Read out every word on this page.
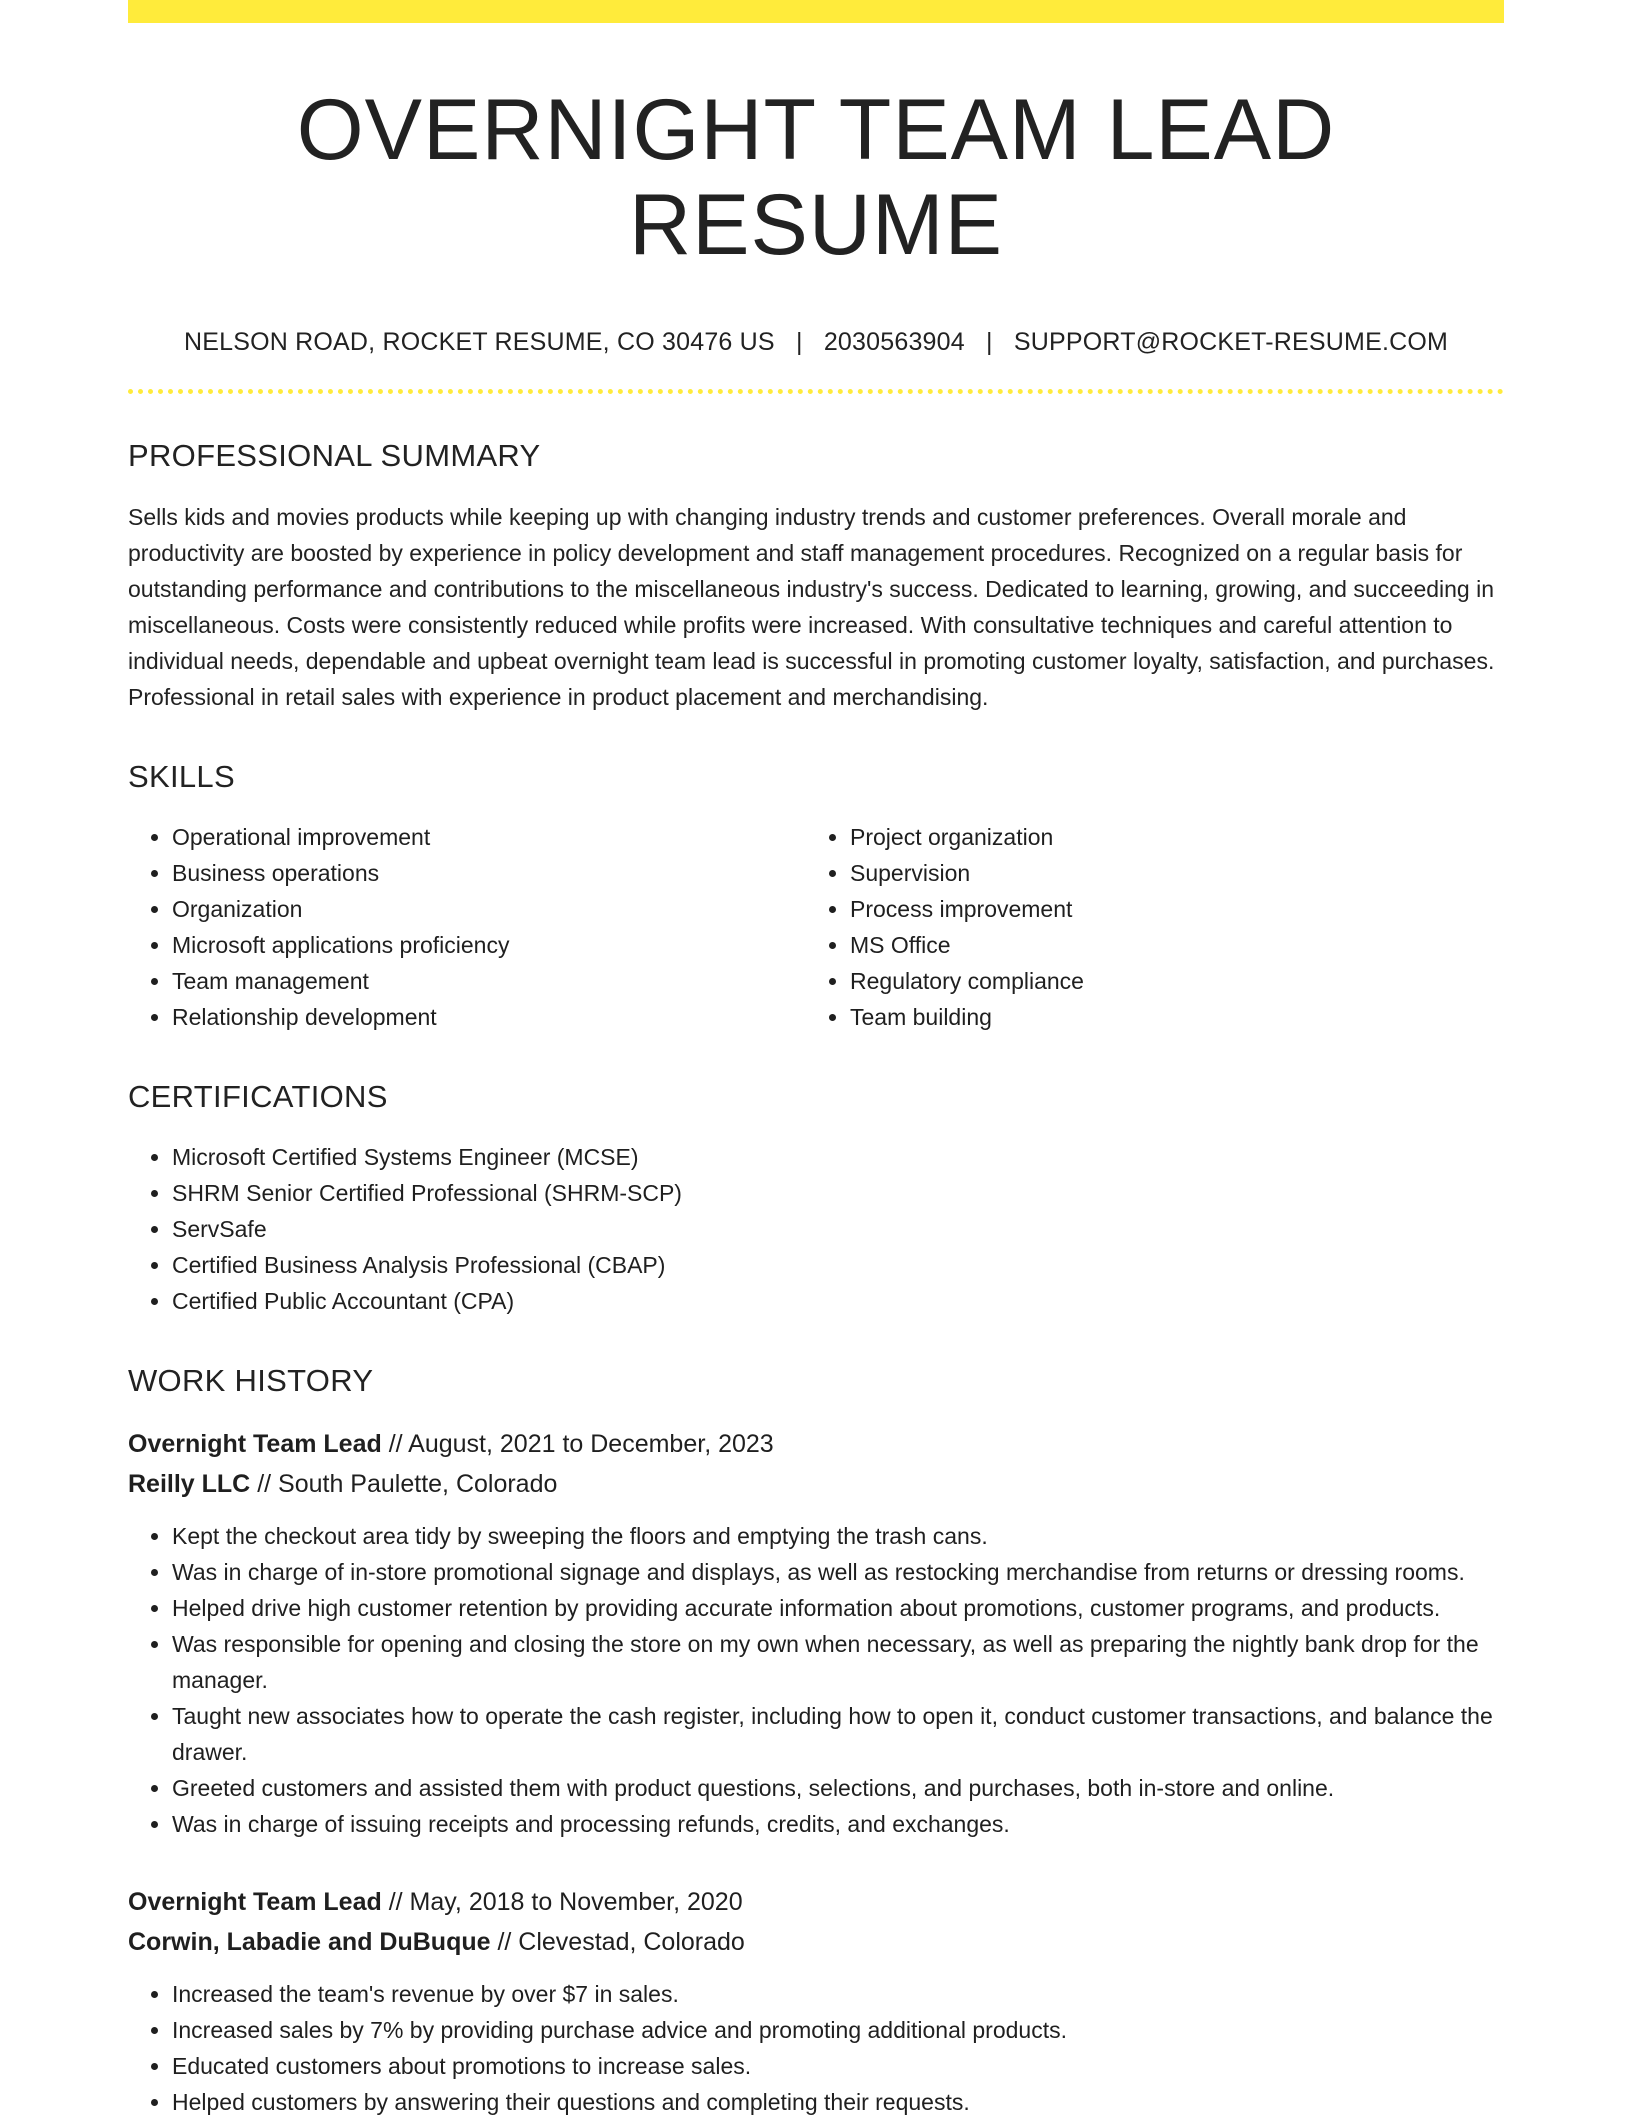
OVERNIGHT TEAM LEAD RESUME
NELSON ROAD, ROCKET RESUME, CO 30476 US | 2030563904 | SUPPORT@ROCKET-RESUME.COM
PROFESSIONAL SUMMARY

Sells kids and movies products while keeping up with changing industry trends and customer preferences. Overall morale and productivity are boosted by experience in policy development and staff management procedures. Recognized on a regular basis for outstanding performance and contributions to the miscellaneous industry's success. Dedicated to learning, growing, and succeeding in miscellaneous. Costs were consistently reduced while profits were increased. With consultative techniques and careful attention to individual needs, dependable and upbeat overnight team lead is successful in promoting customer loyalty, satisfaction, and purchases. Professional in retail sales with experience in product placement and merchandising.

SKILLS
• Operational improvement
• Business operations
• Organization
• Microsoft applications proficiency
• Team management
• Relationship development
• Project organization
• Supervision
• Process improvement
• MS Office
• Regulatory compliance
• Team building
CERTIFICATIONS
• Microsoft Certified Systems Engineer (MCSE)
• SHRM Senior Certified Professional (SHRM-SCP)
• ServSafe
• Certified Business Analysis Professional (CBAP)
• Certified Public Accountant (CPA)
WORK HISTORY
Overnight Team Lead // August, 2021 to December, 2023
Reilly LLC // South Paulette, Colorado
• Kept the checkout area tidy by sweeping the floors and emptying the trash cans.
• Was in charge of in-store promotional signage and displays, as well as restocking merchandise from returns or dressing rooms.
• Helped drive high customer retention by providing accurate information about promotions, customer programs, and products.
• Was responsible for opening and closing the store on my own when necessary, as well as preparing the nightly bank drop for the manager.
• Taught new associates how to operate the cash register, including how to open it, conduct customer transactions, and balance the drawer.
• Greeted customers and assisted them with product questions, selections, and purchases, both in-store and online.
• Was in charge of issuing receipts and processing refunds, credits, and exchanges.
Overnight Team Lead // May, 2018 to November, 2020
Corwin, Labadie and DuBuque // Clevestad, Colorado
• Increased the team's revenue by over $7 in sales.
• Increased sales by 7% by providing purchase advice and promoting additional products.
• Educated customers about promotions to increase sales.
• Helped customers by answering their questions and completing their requests.
